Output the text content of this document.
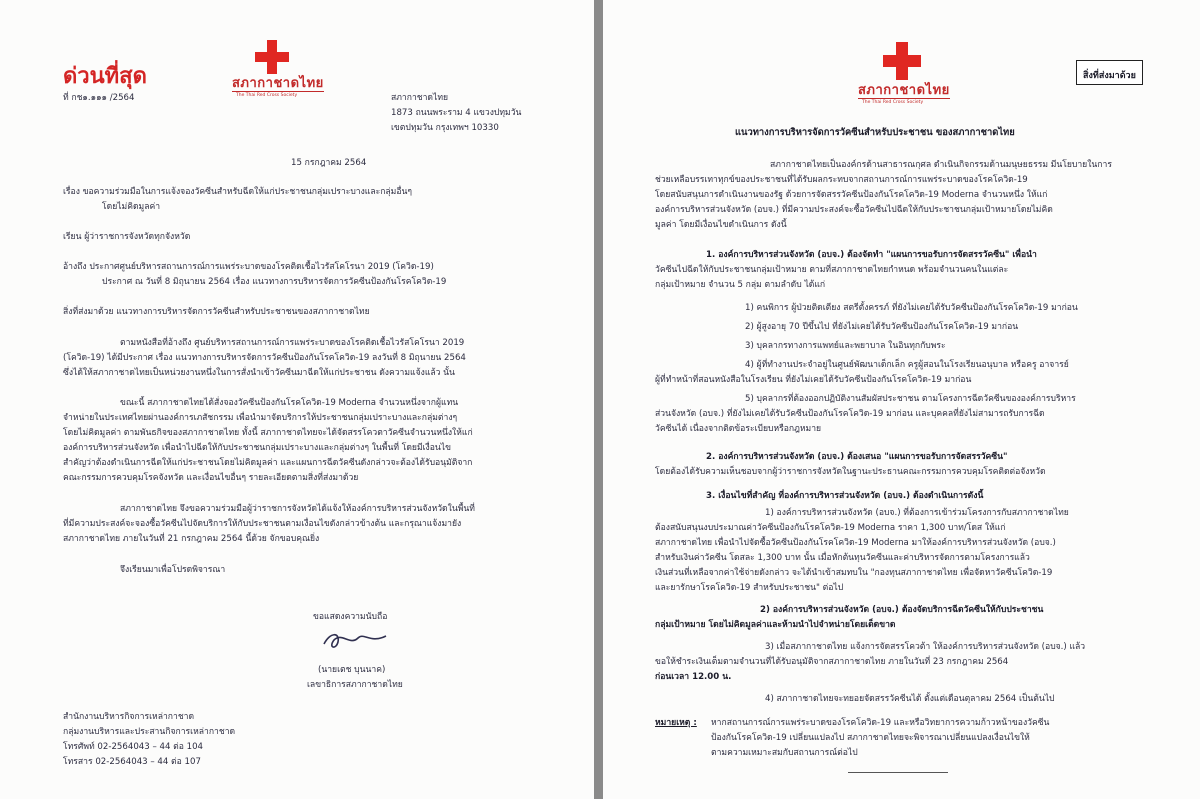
ด่วนที่สุด	สภากาชาดไทย
The Thai Red Cross Society
ที่ กช๑.๑๑๑ /2564	สภากาชาดไทย
1873 ถนนพระราม 4 แขวงปทุมวัน
เขตปทุมวัน กรุงเทพฯ 10330
15 กรกฎาคม 2564
เรื่อง ขอความร่วมมือในการแจ้งจองวัคซีนสำหรับฉีดให้แก่ประชาชนกลุ่มเปราะบางและกลุ่มอื่นๆ
โดยไม่คิดมูลค่า
เรียน ผู้ว่าราชการจังหวัดทุกจังหวัด
อ้างถึง ประกาศศูนย์บริหารสถานการณ์การแพร่ระบาดของโรคติดเชื้อไวรัสโคโรนา 2019 (โควิด-19)
ประกาศ ณ วันที่ 8 มิถุนายน 2564 เรื่อง แนวทางการบริหารจัดการวัคซีนป้องกันโรคโควิด-19
สิ่งที่ส่งมาด้วย แนวทางการบริหารจัดการวัคซีนสำหรับประชาชนของสภากาชาดไทย
ตามหนังสือที่อ้างถึง ศูนย์บริหารสถานการณ์การแพร่ระบาดของโรคติดเชื้อไวรัสโคโรนา 2019
(โควิด-19) ได้มีประกาศ เรื่อง แนวทางการบริหารจัดการวัคซีนป้องกันโรคโควิด-19 ลงวันที่ 8 มิถุนายน 2564
ซึ่งได้ให้สภากาชาดไทยเป็นหน่วยงานหนึ่งในการสั่งนำเข้าวัคซีนมาฉีดให้แก่ประชาชน ดังความแจ้งแล้ว นั้น
ขณะนี้ สภากาชาดไทยได้สั่งจองวัคซีนป้องกันโรคโควิด-19 Moderna จำนวนหนึ่งจากผู้แทน
จำหน่ายในประเทศไทยผ่านองค์การเภสัชกรรม เพื่อนำมาจัดบริการให้ประชาชนกลุ่มเปราะบางและกลุ่มต่างๆ
โดยไม่คิดมูลค่า ตามพันธกิจของสภากาชาดไทย ทั้งนี้ สภากาชาดไทยจะได้จัดสรรโควตาวัคซีนจำนวนหนึ่งให้แก่
องค์การบริหารส่วนจังหวัด เพื่อนำไปฉีดให้กับประชาชนกลุ่มเปราะบางและกลุ่มต่างๆ ในพื้นที่ โดยมีเงื่อนไข
สำคัญว่าต้องดำเนินการฉีดให้แก่ประชาชนโดยไม่คิดมูลค่า และแผนการฉีดวัคซีนดังกล่าวจะต้องได้รับอนุมัติจาก
คณะกรรมการควบคุมโรคจังหวัด และเงื่อนไขอื่นๆ รายละเอียดตามสิ่งที่ส่งมาด้วย
สภากาชาดไทย จึงขอความร่วมมือผู้ว่าราชการจังหวัดได้แจ้งให้องค์การบริหารส่วนจังหวัดในพื้นที่
ที่มีความประสงค์จะจองซื้อวัคซีนไปจัดบริการให้กับประชาชนตามเงื่อนไขดังกล่าวข้างต้น และกรุณาแจ้งมายัง
สภากาชาดไทย ภายในวันที่ 21 กรกฎาคม 2564 นี้ด้วย จักขอบคุณยิ่ง
จึงเรียนมาเพื่อโปรดพิจารณา
ขอแสดงความนับถือ
(นายเตช บุนนาค)
เลขาธิการสภากาชาดไทย
สำนักงานบริหารกิจการเหล่ากาชาด
กลุ่มงานบริหารและประสานกิจการเหล่ากาชาด
โทรศัพท์ 02-2564043 – 44 ต่อ 104
โทรสาร 02-2564043 – 44 ต่อ 107
สภากาชาดไทย
The Thai Red Cross Society
สิ่งที่ส่งมาด้วย
แนวทางการบริหารจัดการวัคซีนสำหรับประชาชน ของสภากาชาดไทย
สภากาชาดไทยเป็นองค์กรด้านสาธารณกุศล ดำเนินกิจกรรมด้านมนุษยธรรม มีนโยบายในการ
ช่วยเหลือบรรเทาทุกข์ของประชาชนที่ได้รับผลกระทบจากสถานการณ์การแพร่ระบาดของโรคโควิด-19
โดยสนับสนุนการดำเนินงานของรัฐ ด้วยการจัดสรรวัคซีนป้องกันโรคโควิด-19 Moderna จำนวนหนึ่ง ให้แก่
องค์การบริหารส่วนจังหวัด (อบจ.) ที่มีความประสงค์จะซื้อวัคซีนไปฉีดให้กับประชาชนกลุ่มเป้าหมายโดยไม่คิด
มูลค่า โดยมีเงื่อนไขดำเนินการ ดังนี้
1. องค์การบริหารส่วนจังหวัด (อบจ.) ต้องจัดทำ "แผนการขอรับการจัดสรรวัคซีน" เพื่อนำ
วัคซีนไปฉีดให้กับประชาชนกลุ่มเป้าหมาย ตามที่สภากาชาดไทยกำหนด พร้อมจำนวนคนในแต่ละ
กลุ่มเป้าหมาย จำนวน 5 กลุ่ม ตามลำดับ ได้แก่
1) คนพิการ ผู้ป่วยติดเตียง สตรีตั้งครรภ์ ที่ยังไม่เคยได้รับวัคซีนป้องกันโรคโควิด-19 มาก่อน
2) ผู้สูงอายุ 70 ปีขึ้นไป ที่ยังไม่เคยได้รับวัคซีนป้องกันโรคโควิด-19 มาก่อน
3) บุคลากรทางการแพทย์และพยาบาล ในอินทุกกับพระ
4) ผู้ที่ทำงานประจำอยู่ในศูนย์พัฒนาเด็กเล็ก ครูผู้สอนในโรงเรียนอนุบาล หรือครู อาจารย์
ผู้ที่ทำหน้าที่สอนหนังสือในโรงเรียน ที่ยังไม่เคยได้รับวัคซีนป้องกันโรคโควิด-19 มาก่อน
5) บุคลากรที่ต้องออกปฏิบัติงานสัมผัสประชาชน ตามโครงการฉีดวัคซีนขององค์การบริหาร
ส่วนจังหวัด (อบจ.) ที่ยังไม่เคยได้รับวัคซีนป้องกันโรคโควิด-19 มาก่อน และบุคคลที่ยังไม่สามารถรับการฉีด
วัคซีนได้ เนื่องจากติดข้อระเบียบหรือกฎหมาย
2. องค์การบริหารส่วนจังหวัด (อบจ.) ต้องเสนอ "แผนการขอรับการจัดสรรวัคซีน"
โดยต้องได้รับความเห็นชอบจากผู้ว่าราชการจังหวัดในฐานะประธานคณะกรรมการควบคุมโรคติดต่อจังหวัด
3. เงื่อนไขที่สำคัญ ที่องค์การบริหารส่วนจังหวัด (อบจ.) ต้องดำเนินการดังนี้
1) องค์การบริหารส่วนจังหวัด (อบจ.) ที่ต้องการเข้าร่วมโครงการกับสภากาชาดไทย
ต้องสนับสนุนงบประมาณค่าวัคซีนป้องกันโรคโควิด-19 Moderna ราคา 1,300 บาท/โดส ให้แก่
สภากาชาดไทย เพื่อนำไปจัดซื้อวัคซีนป้องกันโรคโควิด-19 Moderna มาให้องค์การบริหารส่วนจังหวัด (อบจ.)
สำหรับเงินค่าวัคซีน โดสละ 1,300 บาท นั้น เมื่อหักต้นทุนวัคซีนและค่าบริหารจัดการตามโครงการแล้ว
เงินส่วนที่เหลือจากค่าใช้จ่ายดังกล่าว จะได้นำเข้าสมทบใน "กองทุนสภากาชาดไทย เพื่อจัดหาวัคซีนโควิด-19
และยารักษาโรคโควิด-19 สำหรับประชาชน" ต่อไป
2) องค์การบริหารส่วนจังหวัด (อบจ.) ต้องจัดบริการฉีดวัคซีนให้กับประชาชน
กลุ่มเป้าหมาย โดยไม่คิดมูลค่าและห้ามนำไปจำหน่ายโดยเด็ดขาด
3) เมื่อสภากาชาดไทย แจ้งการจัดสรรโควต้า ให้องค์การบริหารส่วนจังหวัด (อบจ.) แล้ว
ขอให้ชำระเงินเต็มตามจำนวนที่ได้รับอนุมัติจากสภากาชาดไทย ภายในวันที่ 23 กรกฎาคม 2564
ก่อนเวลา 12.00 น.
4) สภากาชาดไทยจะทยอยจัดสรรวัคซีนได้ ตั้งแต่เดือนตุลาคม 2564 เป็นต้นไป
หมายเหตุ : หากสถานการณ์การแพร่ระบาดของโรคโควิด-19 และหรือวิทยาการความก้าวหน้าของวัคซีน
ป้องกันโรคโควิด-19 เปลี่ยนแปลงไป สภากาชาดไทยจะพิจารณาเปลี่ยนแปลงเงื่อนไขให้
ตามความเหมาะสมกับสถานการณ์ต่อไป
